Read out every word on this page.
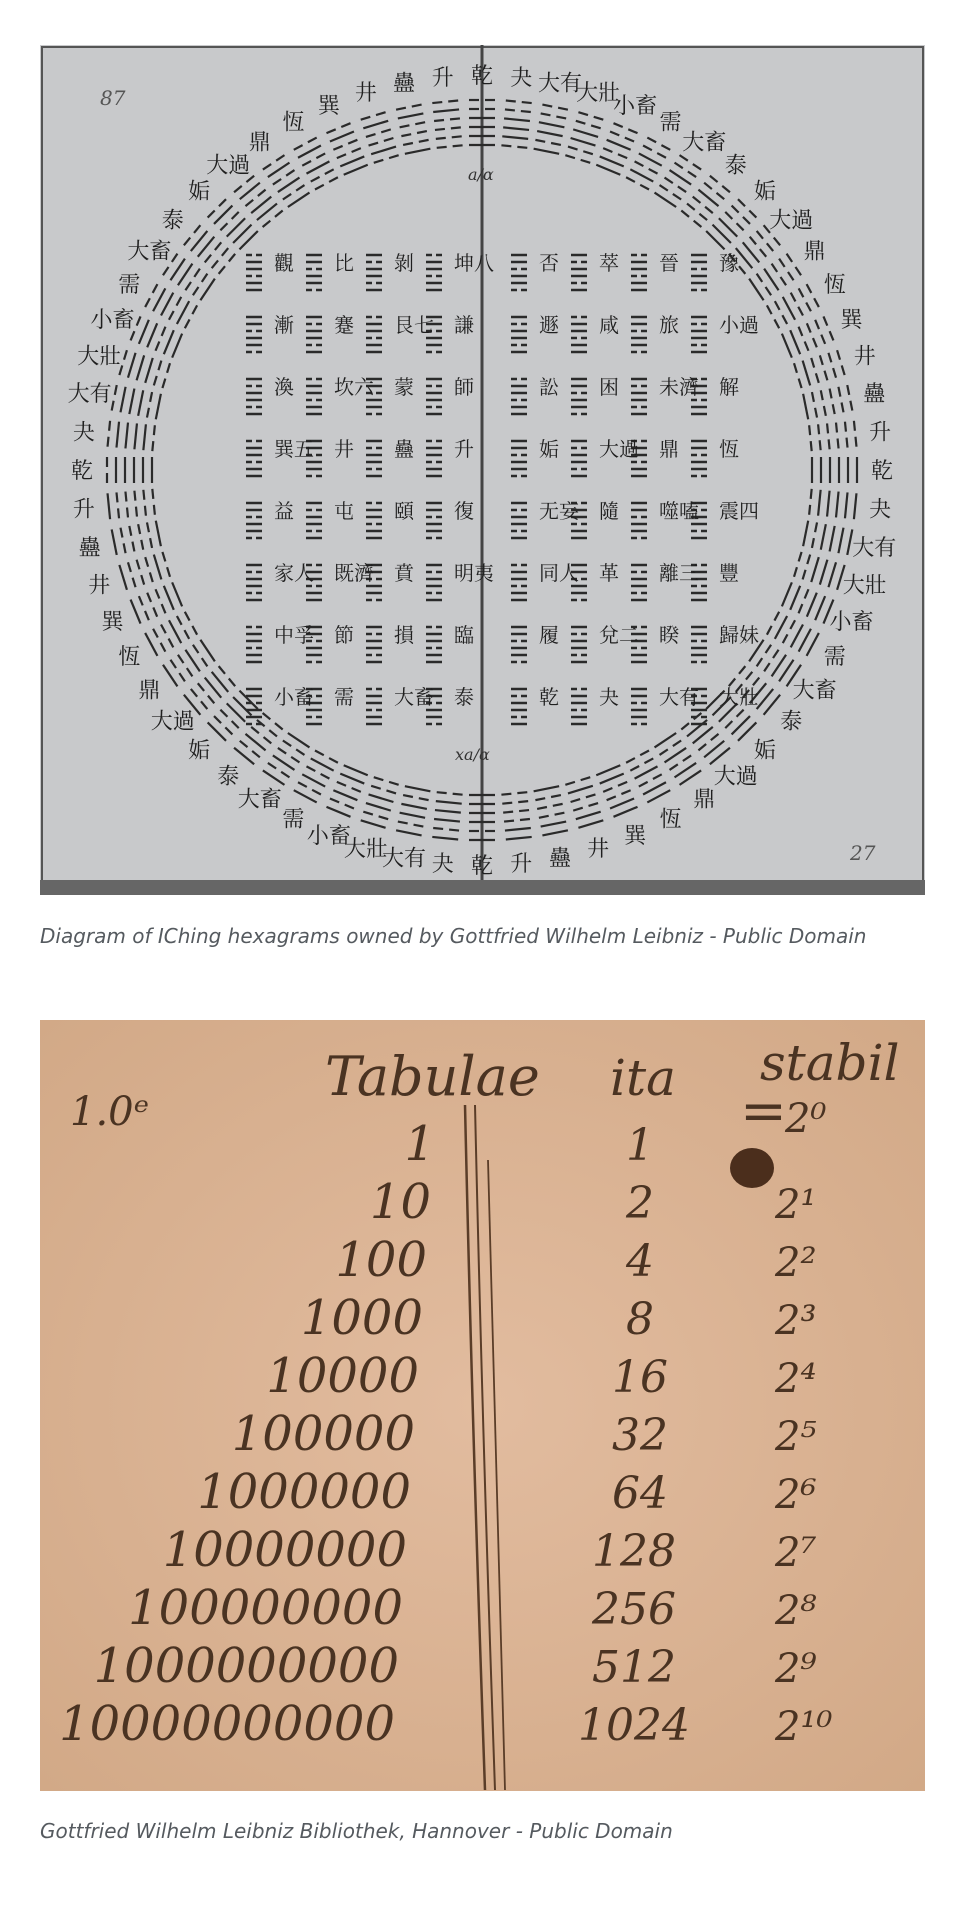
乾 夬 大有
大壯
小畜
需
大畜
泰
姤
大過
鼎
恆
巽
井
蠱
升
乾
夬
大有
大壯
小畜
需
大畜
泰
姤
大過
鼎
恆
巽
井
蠱
升
乾
夬
大有
大壯
小畜
需
大畜
泰
姤
大過
鼎
恆
巽
井
蠱
升
乾
夬
大有
大壯
小畜
需
大畜
泰
姤
大過
鼎
恆
巽
井 蠱 升
觀
漸
渙
巽五
益
家人
中孚
小畜
比
蹇
坎六
井
屯
既濟
節
需
剝
艮七
蒙
蠱
頤
賁
損
大畜
坤八
謙
師
升
復
明夷
臨
泰
否
遯
訟
姤
无妄
同人
履
乾
萃
咸
困
大過
隨
革
兌二
夬
晉
旅
未濟
鼎
噬嗑
離三
睽
大有
豫
小過
解
恆
震四
豐
歸妹
大壯
87
27
a/ɑ
xa/ɑ
Diagram of IChing hexagrams owned by Gottfried Wilhelm Leibniz - Public Domain
1.0ᵉ
Tabulae ita stabil
=
1
10
100
1000
10000
100000
1000000
10000000
100000000
1000000000
10000000000
1
2
4
8
16
32
64
128
256
512
1024
2⁰
2¹
2²
2³
2⁴
2⁵
2⁶
2⁷
2⁸
2⁹
2¹⁰
Gottfried Wilhelm Leibniz Bibliothek, Hannover - Public Domain
